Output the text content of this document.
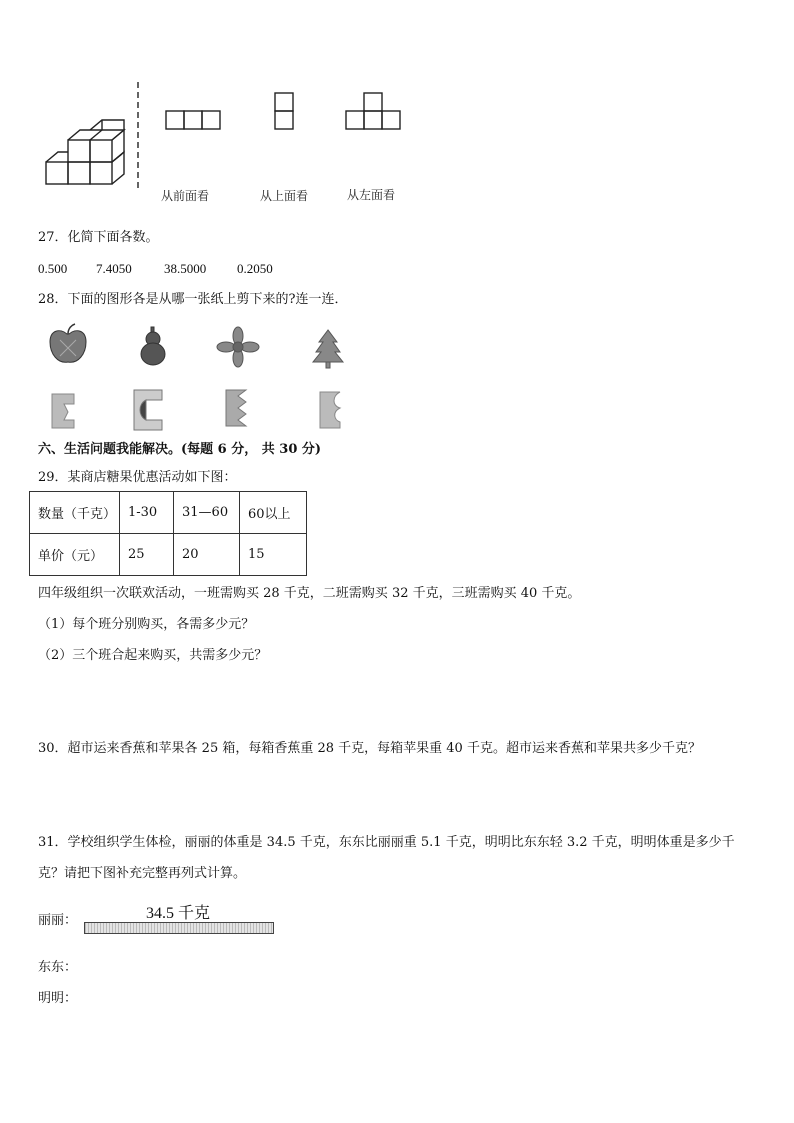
从前面看	从上面看	从左面看
27．化简下面各数。
0.500 7.4050 38.5000 0.2050
28．下面的图形各是从哪一张纸上剪下来的?连一连．
六、生活问题我能解决。(每题 6 分， 共 30 分)
29．某商店糖果优惠活动如下图：
数量（千克）	1-30	31—60	60以上
单价（元）	25	20	15
四年级组织一次联欢活动，一班需购买 28 千克，二班需购买 32 千克，三班需购买 40 千克。
（1）每个班分别购买，各需多少元？
（2）三个班合起来购买，共需多少元？
30．超市运来香蕉和苹果各 25 箱，每箱香蕉重 28 千克，每箱苹果重 40 千克。超市运来香蕉和苹果共多少千克？
31．学校组织学生体检，丽丽的体重是 34.5 千克，东东比丽丽重 5.1 千克，明明比东东轻 3.2 千克，明明体重是多少千
克？请把下图补充完整再列式计算。
34.5 千克
丽丽：
东东：
明明：
